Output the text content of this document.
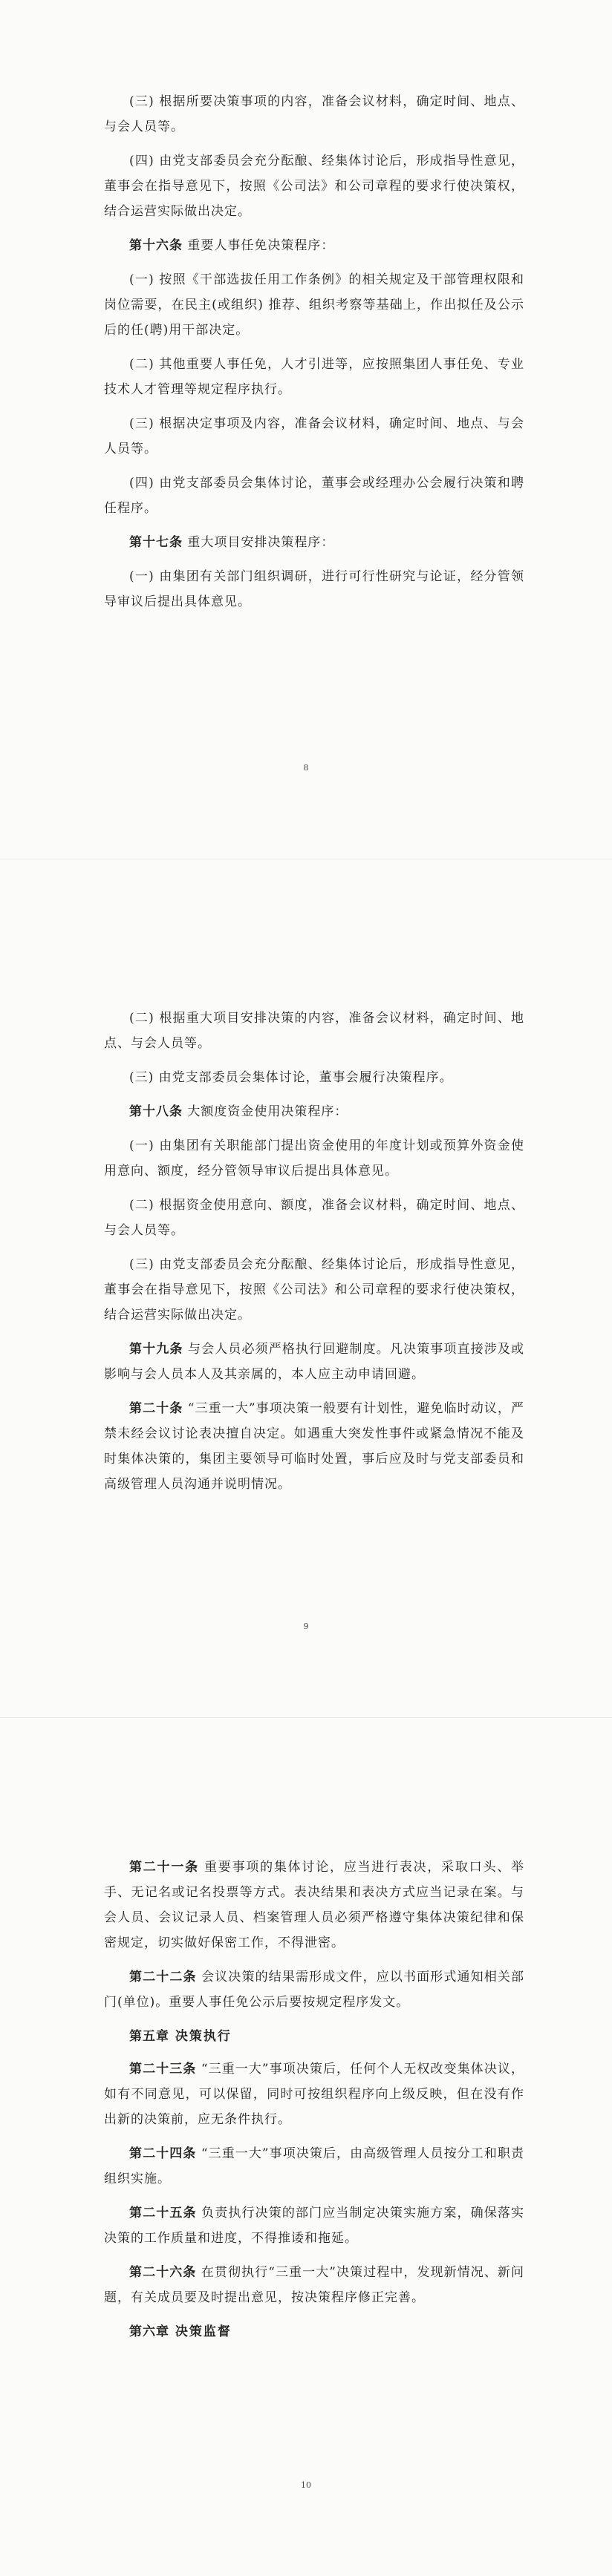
(三) 根据所要决策事项的内容，准备会议材料，确定时间、地点、与会人员等。

(四) 由党支部委员会充分酝酿、经集体讨论后，形成指导性意见，董事会在指导意见下，按照《公司法》和公司章程的要求行使决策权，结合运营实际做出决定。

第十六条 重要人事任免决策程序：

(一) 按照《干部选拔任用工作条例》的相关规定及干部管理权限和岗位需要，在民主(或组织) 推荐、组织考察等基础上，作出拟任及公示后的任(聘)用干部决定。

(二) 其他重要人事任免，人才引进等，应按照集团人事任免、专业技术人才管理等规定程序执行。

(三) 根据决定事项及内容，准备会议材料，确定时间、地点、与会人员等。

(四) 由党支部委员会集体讨论，董事会或经理办公会履行决策和聘任程序。

第十七条 重大项目安排决策程序：

(一) 由集团有关部门组织调研，进行可行性研究与论证，经分管领导审议后提出具体意见。

8

(二) 根据重大项目安排决策的内容，准备会议材料，确定时间、地点、与会人员等。

(三) 由党支部委员会集体讨论，董事会履行决策程序。

第十八条 大额度资金使用决策程序：

(一) 由集团有关职能部门提出资金使用的年度计划或预算外资金使用意向、额度，经分管领导审议后提出具体意见。

(二) 根据资金使用意向、额度，准备会议材料，确定时间、地点、与会人员等。

(三) 由党支部委员会充分酝酿、经集体讨论后，形成指导性意见，董事会在指导意见下，按照《公司法》和公司章程的要求行使决策权，结合运营实际做出决定。

第十九条 与会人员必须严格执行回避制度。凡决策事项直接涉及或影响与会人员本人及其亲属的，本人应主动申请回避。

第二十条 “三重一大”事项决策一般要有计划性，避免临时动议，严禁未经会议讨论表决擅自决定。如遇重大突发性事件或紧急情况不能及时集体决策的，集团主要领导可临时处置，事后应及时与党支部委员和高级管理人员沟通并说明情况。

9

第二十一条 重要事项的集体讨论，应当进行表决，采取口头、举手、无记名或记名投票等方式。表决结果和表决方式应当记录在案。与会人员、会议记录人员、档案管理人员必须严格遵守集体决策纪律和保密规定，切实做好保密工作，不得泄密。

第二十二条 会议决策的结果需形成文件，应以书面形式通知相关部门(单位)。重要人事任免公示后要按规定程序发文。

第五章 决策执行

第二十三条 “三重一大”事项决策后，任何个人无权改变集体决议，如有不同意见，可以保留，同时可按组织程序向上级反映，但在没有作出新的决策前，应无条件执行。

第二十四条 “三重一大”事项决策后，由高级管理人员按分工和职责组织实施。

第二十五条 负责执行决策的部门应当制定决策实施方案，确保落实决策的工作质量和进度，不得推诿和拖延。

第二十六条 在贯彻执行“三重一大”决策过程中，发现新情况、新问题，有关成员要及时提出意见，按决策程序修正完善。

第六章 决策监督

10
